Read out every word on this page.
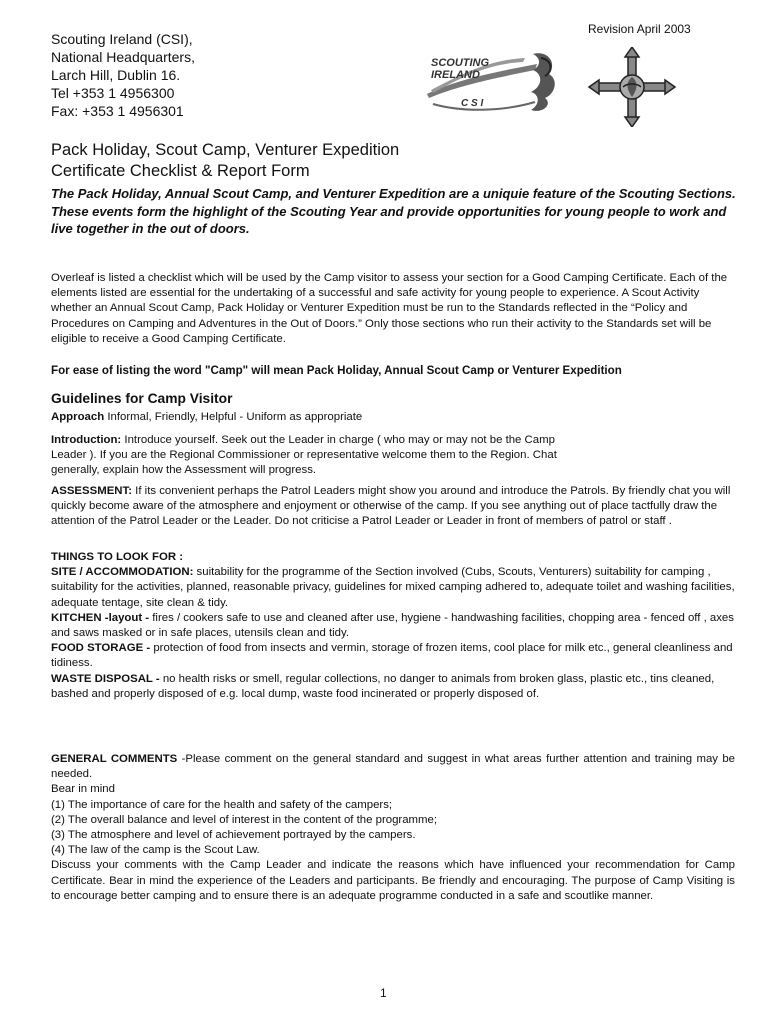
Revision April 2003
Scouting Ireland (CSI),
National Headquarters,
Larch Hill, Dublin 16.
Tel +353 1 4956300
Fax: +353 1 4956301
SCOUTING
IRELAND
C S I
Pack Holiday, Scout Camp, Venturer Expedition
Certificate Checklist & Report Form
The Pack Holiday, Annual Scout Camp, and Venturer Expedition are a uniquie feature of the Scouting Sections. These events form the highlight of the Scouting Year and provide opportunities for young people to work and live together in the out of doors.
Overleaf is listed a checklist which will be used by the Camp visitor to assess your section for a Good Camping Certificate. Each of the elements listed are essential for the undertaking of a successful and safe activity for young people to experience. A Scout Activity whether an Annual Scout Camp, Pack Holiday or Venturer Expedition must be run to the Standards reflected in the “Policy and Procedures on Camping and Adventures in the Out of Doors.” Only those sections who run their activity to the Standards set will be eligible to receive a Good Camping Certificate.
For ease of listing the word "Camp" will mean Pack Holiday, Annual Scout Camp or Venturer Expedition
Guidelines for Camp Visitor
Approach Informal, Friendly, Helpful - Uniform as appropriate
Introduction: Introduce yourself. Seek out the Leader in charge ( who may or may not be the Camp
Leader ). If you are the Regional Commissioner or representative welcome them to the Region. Chat
generally, explain how the Assessment will progress.
ASSESSMENT: If its convenient perhaps the Patrol Leaders might show you around and introduce the Patrols. By friendly chat you will quickly become aware of the atmosphere and enjoyment or otherwise of the camp. If you see anything out of place tactfully draw the attention of the Patrol Leader or the Leader. Do not criticise a Patrol Leader or Leader in front of members of patrol or staff .
THINGS TO LOOK FOR :
SITE / ACCOMMODATION: suitability for the programme of the Section involved (Cubs, Scouts, Venturers) suitability for camping , suitability for the activities, planned, reasonable privacy, guidelines for mixed camping adhered to, adequate toilet and washing facilities, adequate tentage, site clean & tidy.
KITCHEN -layout - fires / cookers safe to use and cleaned after use, hygiene - handwashing facilities, chopping area - fenced off , axes and saws masked or in safe places, utensils clean and tidy.
FOOD STORAGE - protection of food from insects and vermin, storage of frozen items, cool place for milk etc., general cleanliness and tidiness.
WASTE DISPOSAL - no health risks or smell, regular collections, no danger to animals from broken glass, plastic etc., tins cleaned, bashed and properly disposed of e.g. local dump, waste food incinerated or properly disposed of.
GENERAL COMMENTS -Please comment on the general standard and suggest in what areas further attention and training may be needed.
Bear in mind
(1) The importance of care for the health and safety of the campers;
(2) The overall balance and level of interest in the content of the programme;
(3) The atmosphere and level of achievement portrayed by the campers.
(4) The law of the camp is the Scout Law.
Discuss your comments with the Camp Leader and indicate the reasons which have influenced your recommendation for Camp Certificate. Bear in mind the experience of the Leaders and participants. Be friendly and encouraging. The purpose of Camp Visiting is to encourage better camping and to ensure there is an adequate programme conducted in a safe and scoutlike manner.
1
